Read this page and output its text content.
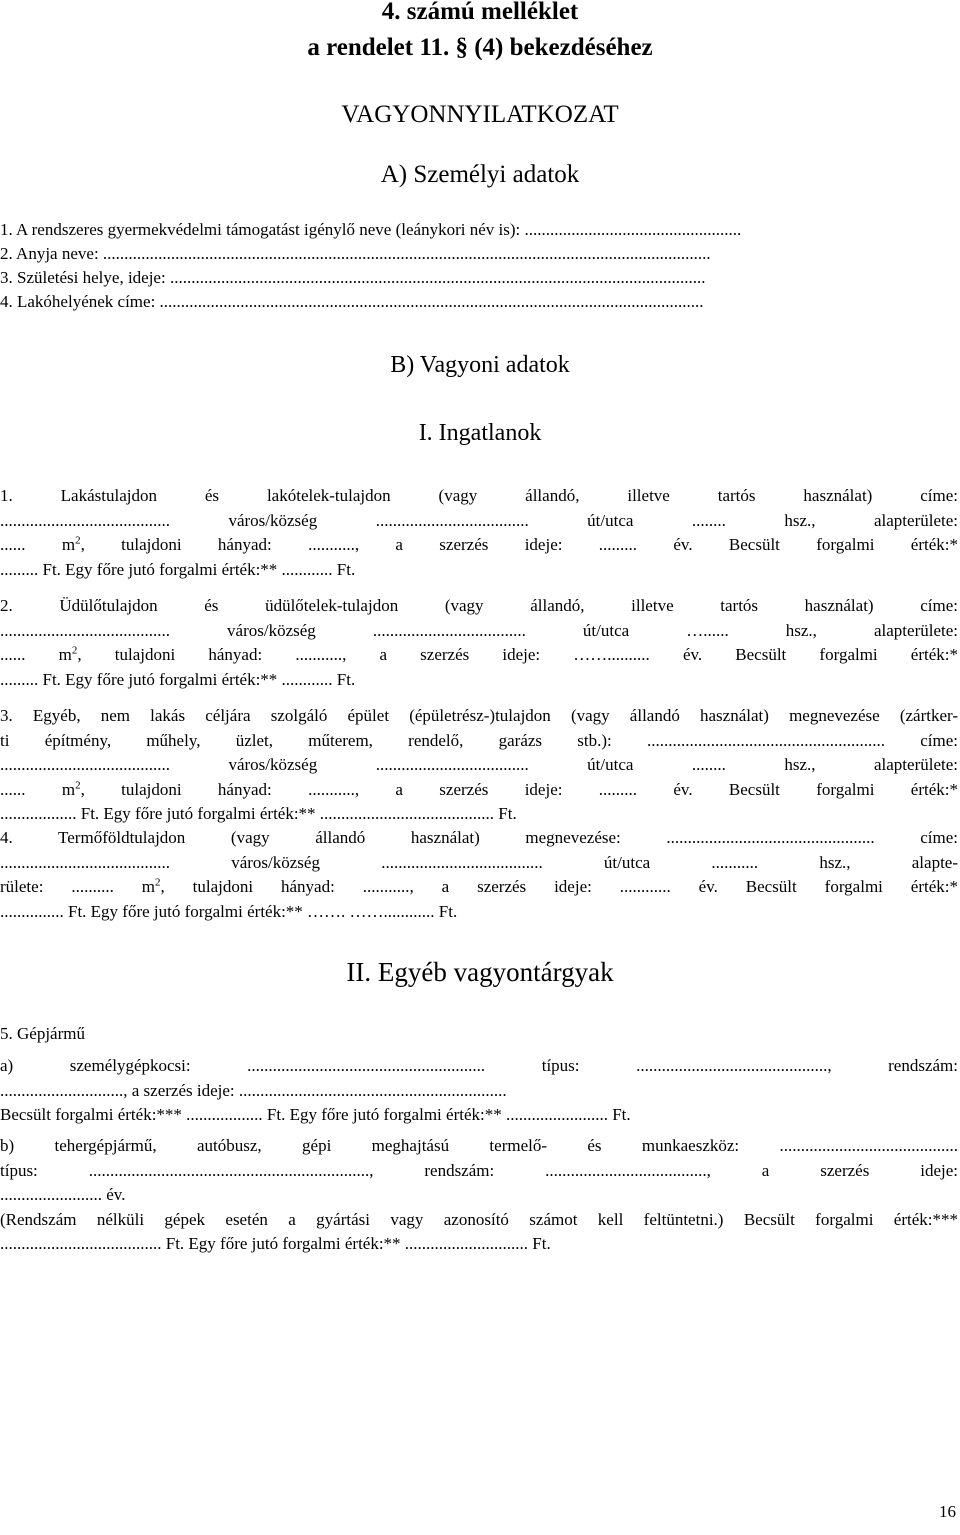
4. számú melléklet
a rendelet 11. § (4) bekezdéséhez
VAGYONNYILATKOZAT
A) Személyi adatok
1. A rendszeres gyermekvédelmi támogatást igénylő neve (leánykori név is): ...................................................
2. Anyja neve: ...............................................................................................................................................
3. Születési helye, ideje: ..............................................................................................................................
4. Lakóhelyének címe: ................................................................................................................................
B) Vagyoni adatok
I. Ingatlanok
1. Lakástulajdon és lakótelek-tulajdon (vagy állandó, illetve tartós használat) címe:
........................................ város/község .................................... út/utca ........ hsz., alapterülete:
...... $m^2$, tulajdoni hányad: ..........., a szerzés ideje: ......... év. Becsült forgalmi érték:*
......... Ft. Egy főre jutó forgalmi érték:** ............ Ft.
2. Üdülőtulajdon és üdülőtelek-tulajdon (vagy állandó, illetve tartós használat) címe:
........................................ város/község .................................... út/utca …...... hsz., alapterülete:
...... $m^2$, tulajdoni hányad: ..........., a szerzés ideje: …….......... év. Becsült forgalmi érték:*
......... Ft. Egy főre jutó forgalmi érték:** ............ Ft.
3. Egyéb, nem lakás céljára szolgáló épület (épületrész-)tulajdon (vagy állandó használat) megnevezése (zártker-
ti építmény, műhely, üzlet, műterem, rendelő, garázs stb.): ........................................................ címe:
........................................ város/község .................................... út/utca ........ hsz., alapterülete:
...... $m^2$, tulajdoni hányad: ..........., a szerzés ideje: ......... év. Becsült forgalmi érték:*
.................. Ft. Egy főre jutó forgalmi érték:** ......................................... Ft.
4. Termőföldtulajdon (vagy állandó használat) megnevezése: ................................................. címe:
........................................ város/község ...................................... út/utca ........... hsz., alapte-
rülete: .......... $m^2$, tulajdoni hányad: ..........., a szerzés ideje: ............ év. Becsült forgalmi érték:*
............... Ft. Egy főre jutó forgalmi érték:** ……. ……............ Ft.
II. Egyéb vagyontárgyak
5. Gépjármű
a) személygépkocsi: ........................................................ típus: ............................................., rendszám:
............................., a szerzés ideje: ...............................................................
Becsült forgalmi érték:*** .................. Ft. Egy főre jutó forgalmi érték:** ........................ Ft.
b) tehergépjármű, autóbusz, gépi meghajtású termelő- és munkaeszköz: ..........................................
típus: .................................................................., rendszám: ......................................, a szerzés ideje:
........................ év.
(Rendszám nélküli gépek esetén a gyártási vagy azonosító számot kell feltüntetni.) Becsült forgalmi érték:***
...................................... Ft. Egy főre jutó forgalmi érték:** ............................. Ft.
16
